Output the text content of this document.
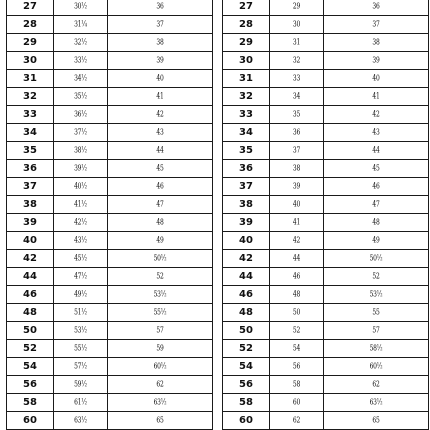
27	30½	36
28	31¼	37
29	32½	38
30	33½	39
31	34½	40
32	35½	41
33	36½	42
34	37½	43
35	38½	44
36	39½	45
37	40½	46
38	41½	47
39	42½	48
40	43½	49
42	45½	50½
44	47½	52
46	49½	53½
48	51½	55½
50	53½	57
52	55½	59
54	57½	60½
56	59½	62
58	61½	63½
60	63½	65
27	29	36
28	30	37
29	31	38
30	32	39
31	33	40
32	34	41
33	35	42
34	36	43
35	37	44
36	38	45
37	39	46
38	40	47
39	41	48
40	42	49
42	44	50½
44	46	52
46	48	53½
48	50	55
50	52	57
52	54	58½
54	56	60½
56	58	62
58	60	63½
60	62	65
